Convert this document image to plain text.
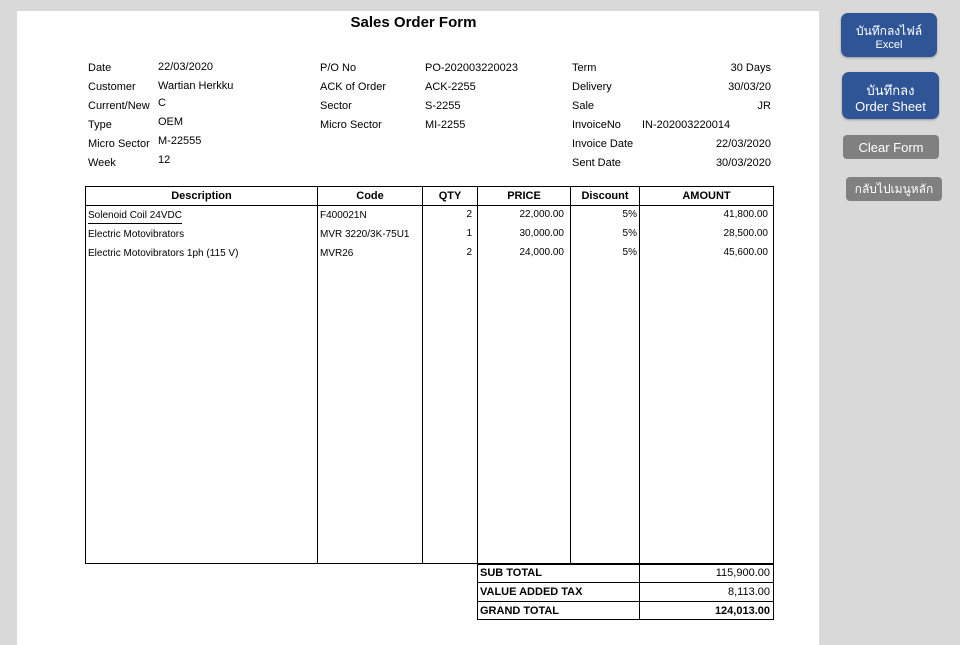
Sales Order Form
Date	22/03/2020
Customer Wartian Herkku
Current/New C
Type	OEM
Micro Sector M-22555
Week	12
P/O No	PO-202003220023
ACK of Order	ACK-2255
Sector	S-2255
Micro Sector	MI-2255
Term	30 Days
Delivery	30/03/20
Sale	JR
InvoiceNo IN-202003220014
Invoice Date	22/03/2020
Sent Date	30/03/2020
Description	Code	QTY	PRICE	Discount	AMOUNT
Solenoid Coil 24VDC	F400021N	2	22,000.00	5%	41,800.00
Electric Motovibrators	MVR 3220/3K-75U1	1	30,000.00	5%	28,500.00
Electric Motovibrators 1ph (115 V)	MVR26	2	24,000.00	5%	45,600.00
SUB TOTAL	115,900.00
VALUE ADDED TAX	8,113.00
GRAND TOTAL	124,013.00
บันทึกลงไฟล์
Excel
บันทึกลง
Order Sheet
Clear Form
กลับไปเมนูหลัก
